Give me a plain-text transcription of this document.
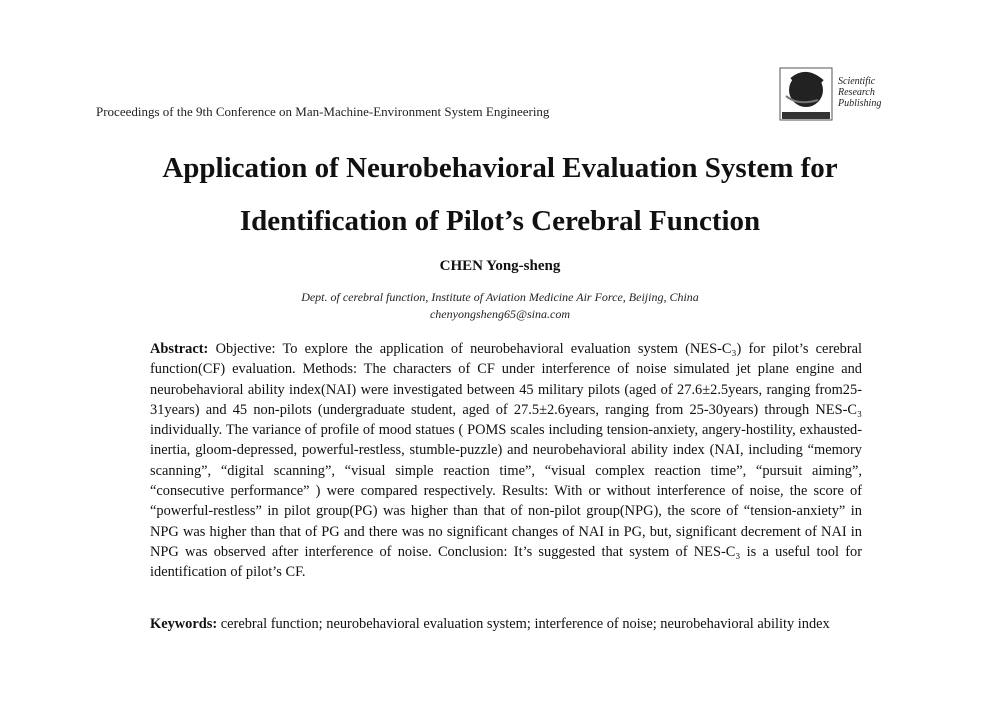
Proceedings of the 9th Conference on Man-Machine-Environment System Engineering
Scientific
Research
Publishing
Application of Neurobehavioral Evaluation System for
Identification of Pilot’s Cerebral Function
CHEN Yong-sheng
Dept. of cerebral function, Institute of Aviation Medicine Air Force, Beijing, China
chenyongsheng65@sina.com

Abstract: Objective: To explore the application of neurobehavioral evaluation system (NES-C₃) for pilot’s cerebral function(CF) evaluation. Methods: The characters of CF under interference of noise simulated jet plane engine and neurobehavioral ability index(NAI) were investigated between 45 military pilots (aged of 27.6±2.5years, ranging from25-31years) and 45 non-pilots (undergraduate student, aged of 27.5±2.6years, ranging from 25-30years) through NES-C₃ individually. The variance of profile of mood statues ( POMS scales including tension-anxiety, angery-hostility, exhausted-inertia, gloom-depressed, powerful-restless, stumble-puzzle) and neurobehavioral ability index (NAI, including “memory scanning”, “digital scanning”, “visual simple reaction time”, “visual complex reaction time”, “pursuit aiming”, “consecutive performance” ) were compared respectively. Results: With or without interference of noise, the score of “powerful-restless” in pilot group(PG) was higher than that of non-pilot group(NPG), the score of “tension-anxiety” in NPG was higher than that of PG and there was no significant changes of NAI in PG, but, significant decrement of NAI in NPG was observed after interference of noise. Conclusion: It’s suggested that system of NES-C₃ is a useful tool for identification of pilot’s CF.

Keywords: cerebral function; neurobehavioral evaluation system; interference of noise; neurobehavioral ability index
